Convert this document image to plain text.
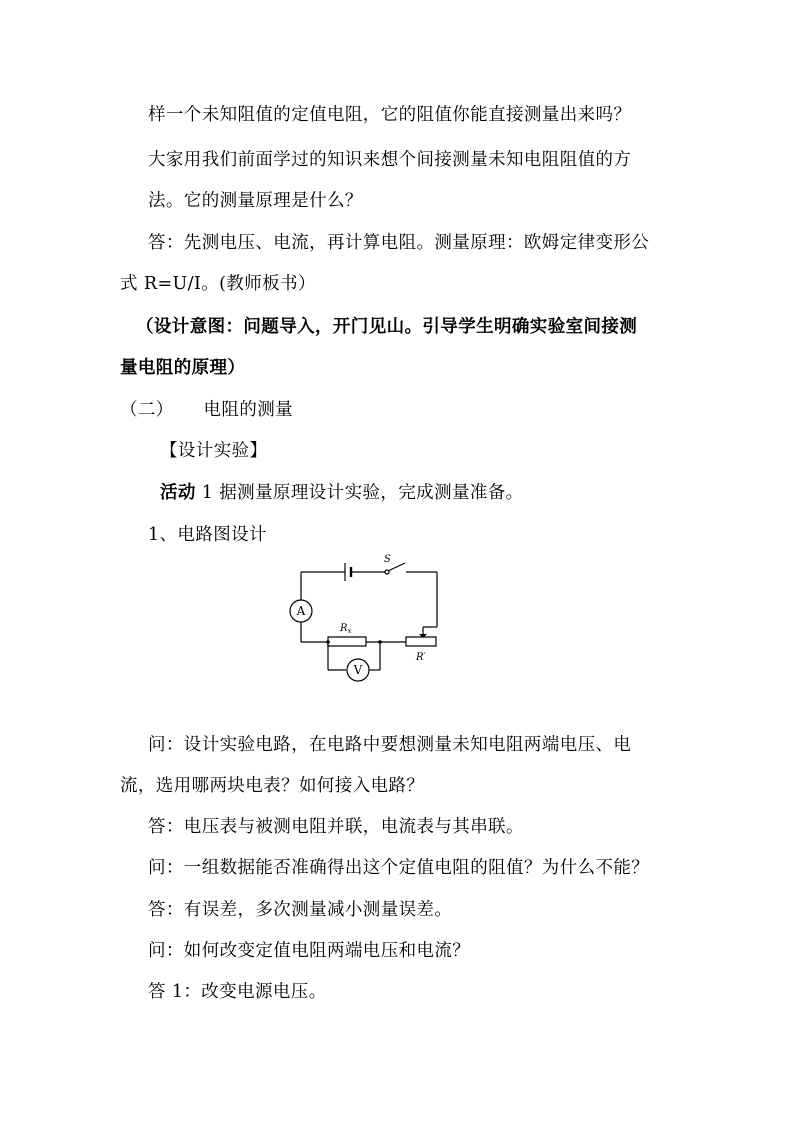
样一个未知阻值的定值电阻，它的阻值你能直接测量出来吗？
大家用我们前面学过的知识来想个间接测量未知电阻阻值的方
法。它的测量原理是什么？
答：先测电压、电流，再计算电阻。测量原理：欧姆定律变形公
式 R=U/I。(教师板书）
（设计意图：问题导入，开门见山。引导学生明确实验室间接测
量电阻的原理）
（二）     电阻的测量
【设计实验】
活动 1 据测量原理设计实验，完成测量准备。
1、电路图设计
S
A
V
$R_x$
R′
问：设计实验电路，在电路中要想测量未知电阻两端电压、电
流，选用哪两块电表？如何接入电路？
答：电压表与被测电阻并联，电流表与其串联。
问：一组数据能否准确得出这个定值电阻的阻值？为什么不能？
答：有误差，多次测量减小测量误差。
问：如何改变定值电阻两端电压和电流？
答 1：改变电源电压。
